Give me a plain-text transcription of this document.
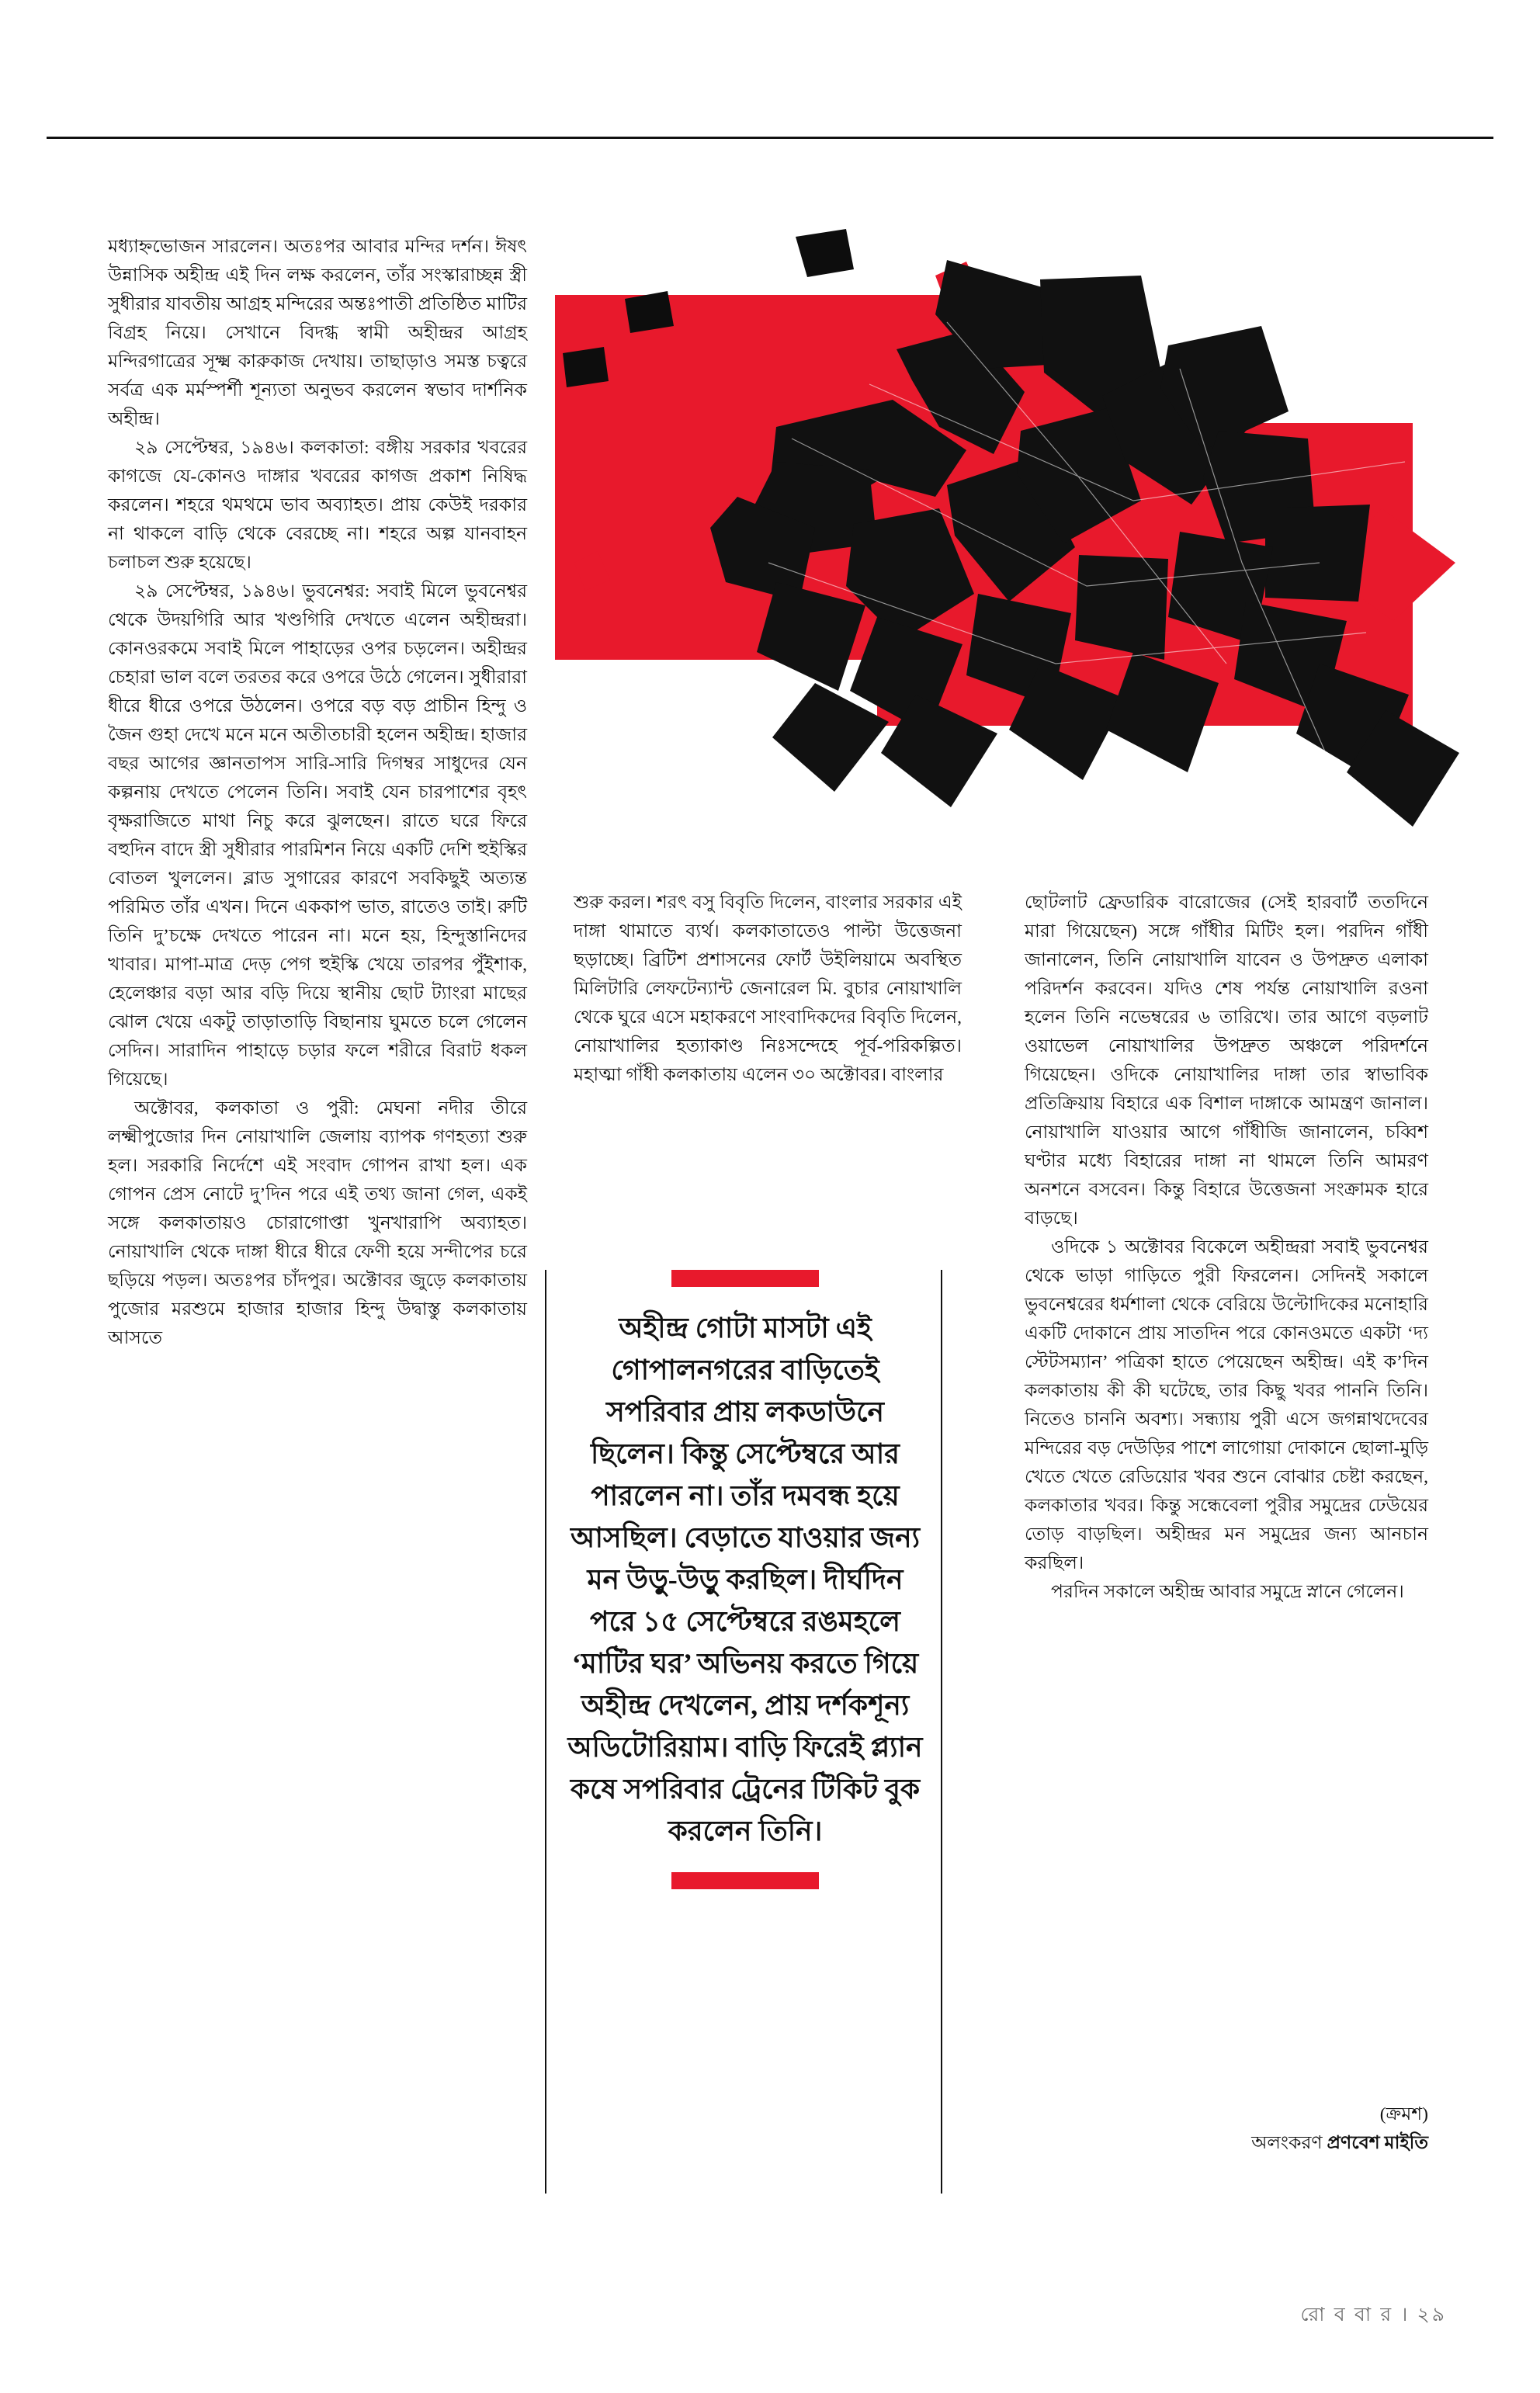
মধ্যাহ্নভোজন সারলেন। অতঃপর আবার মন্দির দর্শন। ঈষৎ উন্নাসিক অহীন্দ্র এই দিন লক্ষ করলেন, তাঁর সংস্কারাচ্ছন্ন স্ত্রী সুধীরার যাবতীয় আগ্রহ মন্দিরের অন্তঃপাতী প্রতিষ্ঠিত মাটির বিগ্রহ নিয়ে। সেখানে বিদগ্ধ স্বামী অহীন্দ্রর আগ্রহ মন্দিরগাত্রের সূক্ষ্ম কারুকাজ দেখায়। তাছাড়াও সমস্ত চত্বরে সর্বত্র এক মর্মস্পর্শী শূন্যতা অনুভব করলেন স্বভাব দার্শনিক অহীন্দ্র।

২৯ সেপ্টেম্বর, ১৯৪৬। কলকাতা: বঙ্গীয় সরকার খবরের কাগজে যে-কোনও দাঙ্গার খবরের কাগজ প্রকাশ নিষিদ্ধ করলেন। শহরে থমথমে ভাব অব্যাহত। প্রায় কেউই দরকার না থাকলে বাড়ি থেকে বেরচ্ছে না। শহরে অল্প যানবাহন চলাচল শুরু হয়েছে।

২৯ সেপ্টেম্বর, ১৯৪৬। ভুবনেশ্বর: সবাই মিলে ভুবনেশ্বর থেকে উদয়গিরি আর খণ্ডগিরি দেখতে এলেন অহীন্দ্ররা। কোনওরকমে সবাই মিলে পাহাড়ের ওপর চড়লেন। অহীন্দ্রর চেহারা ভাল বলে তরতর করে ওপরে উঠে গেলেন। সুধীরারা ধীরে ধীরে ওপরে উঠলেন। ওপরে বড় বড় প্রাচীন হিন্দু ও জৈন গুহা দেখে মনে মনে অতীতচারী হলেন অহীন্দ্র। হাজার বছর আগের জ্ঞানতাপস সারি-সারি দিগম্বর সাধুদের যেন কল্পনায় দেখতে পেলেন তিনি। সবাই যেন চারপাশের বৃহৎ বৃক্ষরাজিতে মাথা নিচু করে ঝুলছেন। রাতে ঘরে ফিরে বহুদিন বাদে স্ত্রী সুধীরার পারমিশন নিয়ে একটি দেশি হুইস্কির বোতল খুললেন। ব্লাড সুগারের কারণে সবকিছুই অত্যন্ত পরিমিত তাঁর এখন। দিনে এককাপ ভাত, রাতেও তাই। রুটি তিনি দু’চক্ষে দেখতে পারেন না। মনে হয়, হিন্দুস্তানিদের খাবার। মাপা-মাত্র দেড় পেগ হুইস্কি খেয়ে তারপর পুঁইশাক, হেলেঞ্চার বড়া আর বড়ি দিয়ে স্থানীয় ছোট ট্যাংরা মাছের ঝোল খেয়ে একটু তাড়াতাড়ি বিছানায় ঘুমতে চলে গেলেন সেদিন। সারাদিন পাহাড়ে চড়ার ফলে শরীরে বিরাট ধকল গিয়েছে।

অক্টোবর, কলকাতা ও পুরী: মেঘনা নদীর তীরে লক্ষ্মীপুজোর দিন নোয়াখালি জেলায় ব্যাপক গণহত্যা শুরু হল। সরকারি নির্দেশে এই সংবাদ গোপন রাখা হল। এক গোপন প্রেস নোটে দু’দিন পরে এই তথ্য জানা গেল, একই সঙ্গে কলকাতায়ও চোরাগোপ্তা খুনখারাপি অব্যাহত। নোয়াখালি থেকে দাঙ্গা ধীরে ধীরে ফেণী হয়ে সন্দীপের চরে ছড়িয়ে পড়ল। অতঃপর চাঁদপুর। অক্টোবর জুড়ে কলকাতায় পুজোর মরশুমে হাজার হাজার হিন্দু উদ্বাস্তু কলকাতায় আসতে

শুরু করল। শরৎ বসু বিবৃতি দিলেন, বাংলার সরকার এই দাঙ্গা থামাতে ব্যর্থ। কলকাতাতেও পাল্টা উত্তেজনা ছড়াচ্ছে। ব্রিটিশ প্রশাসনের ফোর্ট উইলিয়ামে অবস্থিত মিলিটারি লেফটেন্যান্ট জেনারেল মি. বুচার নোয়াখালি থেকে ঘুরে এসে মহাকরণে সাংবাদিকদের বিবৃতি দিলেন, নোয়াখালির হত্যাকাণ্ড নিঃসন্দেহে পূর্ব-পরিকল্পিত। মহাত্মা গাঁধী কলকাতায় এলেন ৩০ অক্টোবর। বাংলার

ছোটলাট ফ্রেডারিক বারোজের (সেই হারবার্ট ততদিনে মারা গিয়েছেন) সঙ্গে গাঁধীর মিটিং হল। পরদিন গাঁধী জানালেন, তিনি নোয়াখালি যাবেন ও উপদ্রুত এলাকা পরিদর্শন করবেন। যদিও শেষ পর্যন্ত নোয়াখালি রওনা হলেন তিনি নভেম্বরের ৬ তারিখে। তার আগে বড়লাট ওয়াভেল নোয়াখালির উপদ্রুত অঞ্চলে পরিদর্শনে গিয়েছেন। ওদিকে নোয়াখালির দাঙ্গা তার স্বাভাবিক প্রতিক্রিয়ায় বিহারে এক বিশাল দাঙ্গাকে আমন্ত্রণ জানাল। নোয়াখালি যাওয়ার আগে গাঁধীজি জানালেন, চব্বিশ ঘণ্টার মধ্যে বিহারের দাঙ্গা না থামলে তিনি আমরণ অনশনে বসবেন। কিন্তু বিহারে উত্তেজনা সংক্রামক হারে বাড়ছে।

ওদিকে ১ অক্টোবর বিকেলে অহীন্দ্ররা সবাই ভুবনেশ্বর থেকে ভাড়া গাড়িতে পুরী ফিরলেন। সেদিনই সকালে ভুবনেশ্বরের ধর্মশালা থেকে বেরিয়ে উল্টোদিকের মনোহারি একটি দোকানে প্রায় সাতদিন পরে কোনওমতে একটা ‘দ্য স্টেটসম্যান’ পত্রিকা হাতে পেয়েছেন অহীন্দ্র। এই ক’দিন কলকাতায় কী কী ঘটেছে, তার কিছু খবর পাননি তিনি। নিতেও চাননি অবশ্য। সন্ধ্যায় পুরী এসে জগন্নাথদেবের মন্দিরের বড় দেউড়ির পাশে লাগোয়া দোকানে ছোলা-মুড়ি খেতে খেতে রেডিয়োর খবর শুনে বোঝার চেষ্টা করছেন, কলকাতার খবর। কিন্তু সন্ধেবেলা পুরীর সমুদ্রের ঢেউয়ের তোড় বাড়ছিল। অহীন্দ্রর মন সমুদ্রের জন্য আনচান করছিল।

পরদিন সকালে অহীন্দ্র আবার সমুদ্রে স্নানে গেলেন।

অহীন্দ্র গোটা মাসটা এই গোপালনগরের বাড়িতেই সপরিবার প্রায় লকডাউনে ছিলেন। কিন্তু সেপ্টেম্বরে আর পারলেন না। তাঁর দমবন্ধ হয়ে আসছিল। বেড়াতে যাওয়ার জন্য মন উড়ু-উড়ু করছিল। দীর্ঘদিন পরে ১৫ সেপ্টেম্বরে রঙমহলে ‘মাটির ঘর’ অভিনয় করতে গিয়ে অহীন্দ্র দেখলেন, প্রায় দর্শকশূন্য অডিটোরিয়াম। বাড়ি ফিরেই প্ল্যান কষে সপরিবার ট্রেনের টিকিট বুক করলেন তিনি।
(ক্রমশ)
অলংকরণ প্রণবেশ মাইতি
রো ব বা র । ২৯
